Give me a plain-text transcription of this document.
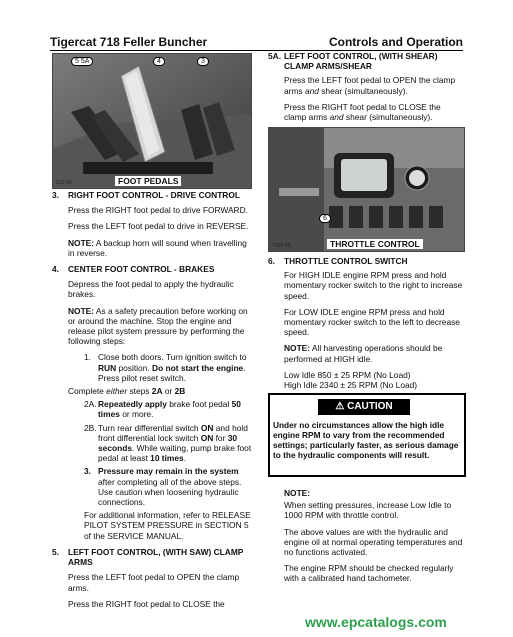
Tigercat 718 Feller Buncher	Controls and Operation
5 5A	4	3
212-28	FOOT PEDALS
6
7250-99	THROTTLE CONTROL
3.	RIGHT FOOT CONTROL - DRIVE CONTROL

Press the RIGHT foot pedal to drive FORWARD.

Press the LEFT foot pedal to drive in REVERSE.

NOTE: A backup horn will sound when travelling in reverse.

4.	CENTER FOOT CONTROL - BRAKES

Depress the foot pedal to apply the hydraulic brakes.

NOTE: As a safety precaution before working on or around the machine. Stop the engine and release pilot system pressure by performing the following steps:

1. Close both doors. Turn ignition switch to RUN position. Do not start the engine. Press pilot reset switch.

Complete either steps 2A or 2B

2A.Repeatedly apply brake foot pedal 50 times or more.

2B.Turn rear differential switch ON and hold front differential lock switch ON for 30 seconds. While waiting, pump brake foot pedal at least 10 times.

3. Pressure may remain in the system after completing all of the above steps. Use caution when loosening hydraulic connections.

For additional information, refer to RELEASE PILOT SYSTEM PRESSURE in SECTION 5 of the SERVICE MANUAL.

5.	LEFT FOOT CONTROL, (WITH SAW) CLAMP ARMS

Press the LEFT foot pedal to OPEN the clamp arms.

Press the RIGHT foot pedal to CLOSE the

5A. LEFT FOOT CONTROL, (WITH SHEAR) CLAMP ARMS/SHEAR

Press the LEFT foot pedal to OPEN the clamp arms and shear (simultaneously).

Press the RIGHT foot pedal to CLOSE the clamp arms and shear (simultaneously).

6.	THROTTLE CONTROL SWITCH

For HIGH IDLE engine RPM press and hold momentary rocker switch to the right to increase speed.

For LOW IDLE engine RPM press and hold momentary rocker switch to the left to decrease speed.

NOTE: All harvesting operations should be performed at HIGH idle.

Low Idle 850 ± 25 RPM (No Load)
High Idle 2340 ± 25 RPM (No Load)
⚠ CAUTION
Under no circumstances allow the high idle engine RPM to vary from the recommended settings; particularly faster, as serious damage to the hydraulic components will result.

NOTE:

When setting pressures, increase Low Idle to 1000 RPM with throttle control.

The above values are with the hydraulic and engine oil at normal operating temperatures and no functions activated.

The engine RPM should be checked regularly with a calibrated hand tachometer.

www.epcatalogs.com
